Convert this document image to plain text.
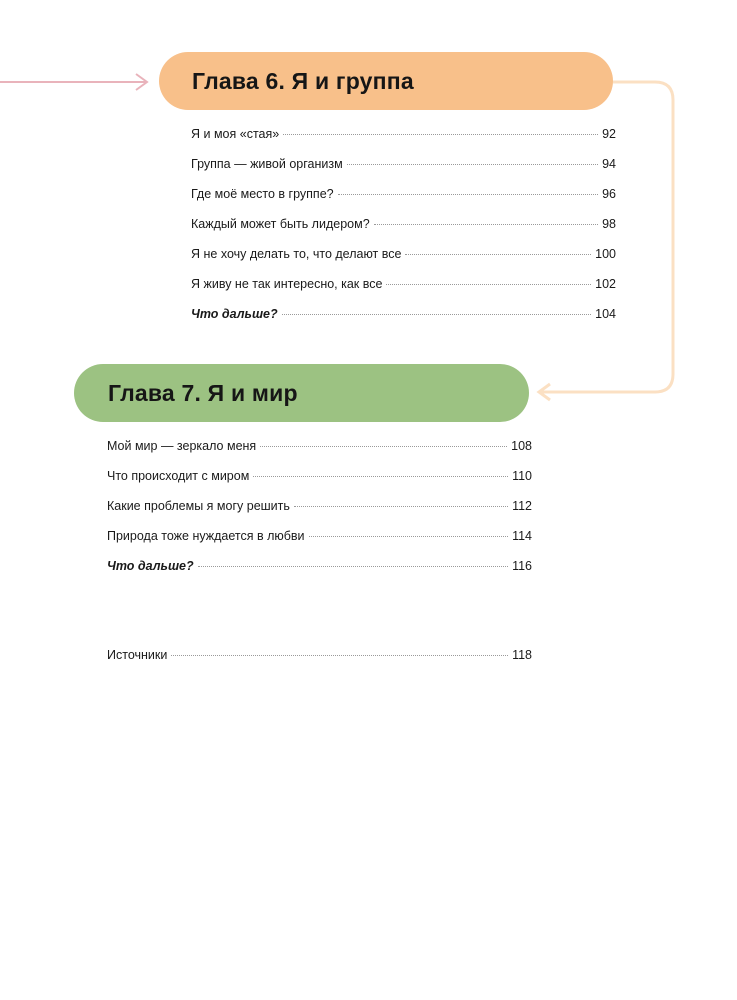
Глава 6. Я и группа
Я и моя «стая»	92
Группа — живой организм	94
Где моё место в группе?	96
Каждый может быть лидером?	98
Я не хочу делать то, что делают все	100
Я живу не так интересно, как все	102
Что дальше?	104
Глава 7. Я и мир
Мой мир — зеркало меня	108
Что происходит с миром	110
Какие проблемы я могу решить	112
Природа тоже нуждается в любви	114
Что дальше?	116
Источники	118
